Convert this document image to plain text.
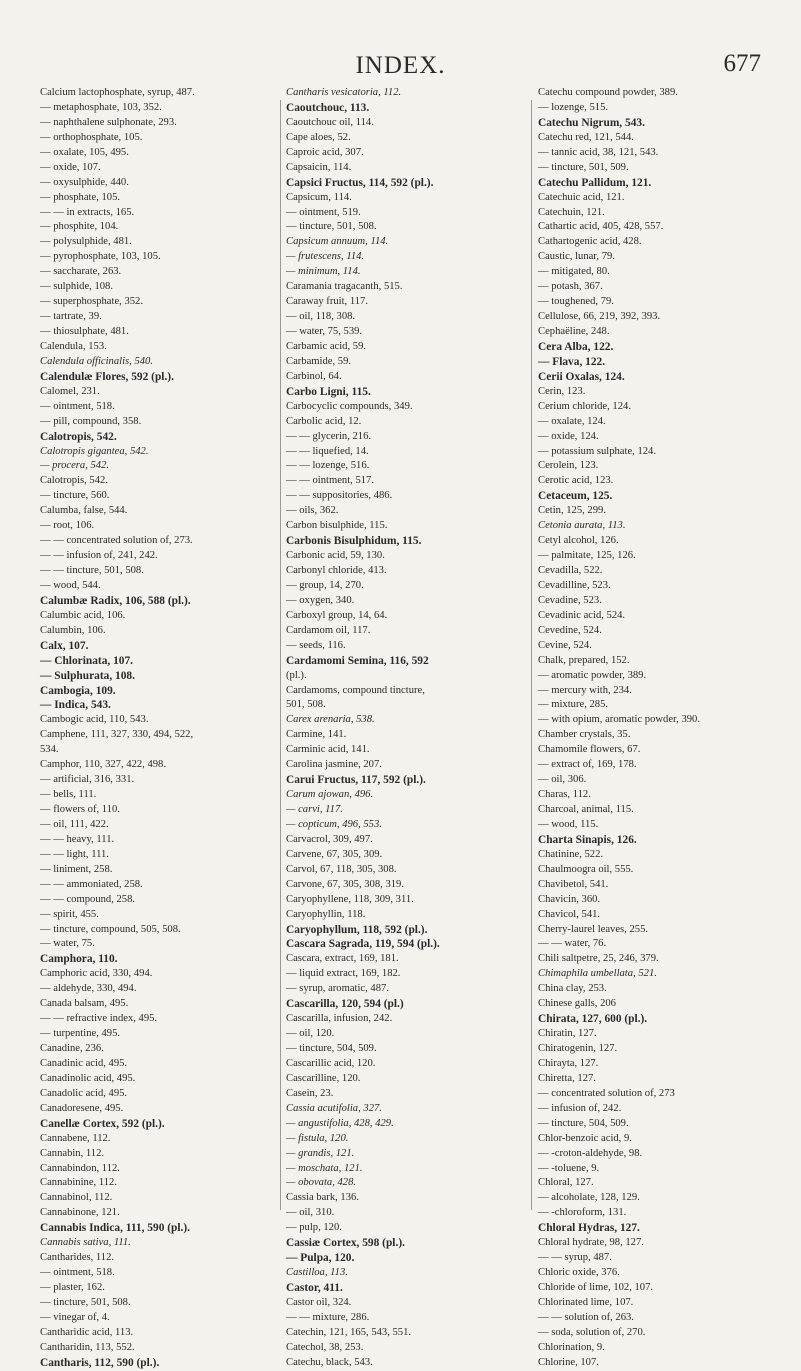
INDEX.	677
Calcium lactophosphate, syrup, 487.
— metaphosphate, 103, 352.
— naphthalene sulphonate, 293.
— orthophosphate, 105.
— oxalate, 105, 495.
— oxide, 107.
— oxysulphide, 440.
— phosphate, 105.
— — in extracts, 165.
— phosphite, 104.
— polysulphide, 481.
— pyrophosphate, 103, 105.
— saccharate, 263.
— sulphide, 108.
— superphosphate, 352.
— tartrate, 39.
— thiosulphate, 481.
Calendula, 153.
Calendula officinalis, 540.
Calendulæ Flores, 592 (pl.).
Calomel, 231.
— ointment, 518.
— pill, compound, 358.
Calotropis, 542.
Calotropis gigantea, 542.
— procera, 542.
Calotropis, 542.
— tincture, 560.
Calumba, false, 544.
— root, 106.
— — concentrated solution of, 273.
— — infusion of, 241, 242.
— — tincture, 501, 508.
— wood, 544.
Calumbæ Radix, 106, 588 (pl.).
Calumbic acid, 106.
Calumbin, 106.
Calx, 107.
— Chlorinata, 107.
— Sulphurata, 108.
Cambogia, 109.
— Indica, 543.
Cambogic acid, 110, 543.
Camphene, 111, 327, 330, 494, 522,
534.
Camphor, 110, 327, 422, 498.
— artificial, 316, 331.
— bells, 111.
— flowers of, 110.
— oil, 111, 422.
— — heavy, 111.
— — light, 111.
— liniment, 258.
— — ammoniated, 258.
— — compound, 258.
— spirit, 455.
— tincture, compound, 505, 508.
— water, 75.
Camphora, 110.
Camphoric acid, 330, 494.
— aldehyde, 330, 494.
Canada balsam, 495.
— — refractive index, 495.
— turpentine, 495.
Canadine, 236.
Canadinic acid, 495.
Canadinolic acid, 495.
Canadolic acid, 495.
Canadoresene, 495.
Canellæ Cortex, 592 (pl.).
Cannabene, 112.
Cannabin, 112.
Cannabindon, 112.
Cannabinine, 112.
Cannabinol, 112.
Cannabinone, 121.
Cannabis Indica, 111, 590 (pl.).
Cannabis sativa, 111.
Cantharides, 112.
— ointment, 518.
— plaster, 162.
— tincture, 501, 508.
— vinegar of, 4.
Cantharidic acid, 113.
Cantharidin, 113, 552.
Cantharis, 112, 590 (pl.).
Cantharis vesicatoria, 112.
Caoutchouc, 113.
Caoutchouc oil, 114.
Cape aloes, 52.
Caproic acid, 307.
Capsaicin, 114.
Capsici Fructus, 114, 592 (pl.).
Capsicum, 114.
— ointment, 519.
— tincture, 501, 508.
Capsicum annuum, 114.
— frutescens, 114.
— minimum, 114.
Caramania tragacanth, 515.
Caraway fruit, 117.
— oil, 118, 308.
— water, 75, 539.
Carbamic acid, 59.
Carbamide, 59.
Carbinol, 64.
Carbo Ligni, 115.
Carbocyclic compounds, 349.
Carbolic acid, 12.
— — glycerin, 216.
— — liquefied, 14.
— — lozenge, 516.
— — ointment, 517.
— — suppositories, 486.
— oils, 362.
Carbon bisulphide, 115.
Carbonis Bisulphidum, 115.
Carbonic acid, 59, 130.
Carbonyl chloride, 413.
— group, 14, 270.
— oxygen, 340.
Carboxyl group, 14, 64.
Cardamom oil, 117.
— seeds, 116.
Cardamomi Semina, 116, 592
(pl.).
Cardamoms, compound tincture,
501, 508.
Carex arenaria, 538.
Carmine, 141.
Carminic acid, 141.
Carolina jasmine, 207.
Carui Fructus, 117, 592 (pl.).
Carum ajowan, 496.
— carvi, 117.
— copticum, 496, 553.
Carvacrol, 309, 497.
Carvene, 67, 305, 309.
Carvol, 67, 118, 305, 308.
Carvone, 67, 305, 308, 319.
Caryophyllene, 118, 309, 311.
Caryophyllin, 118.
Caryophyllum, 118, 592 (pl.).
Cascara Sagrada, 119, 594 (pl.).
Cascara, extract, 169, 181.
— liquid extract, 169, 182.
— syrup, aromatic, 487.
Cascarilla, 120, 594 (pl.)
Cascarilla, infusion, 242.
— oil, 120.
— tincture, 504, 509.
Cascarillic acid, 120.
Cascarilline, 120.
Casein, 23.
Cassia acutifolia, 327.
— angustifolia, 428, 429.
— fistula, 120.
— grandis, 121.
— moschata, 121.
— obovata, 428.
Cassia bark, 136.
— oil, 310.
— pulp, 120.
Cassiæ Cortex, 598 (pl.).
— Pulpa, 120.
Castilloa, 113.
Castor, 411.
Castor oil, 324.
— — mixture, 286.
Catechin, 121, 165, 543, 551.
Catechol, 38, 253.
Catechu, black, 543.
Catechu compound powder, 389.
— lozenge, 515.
Catechu Nigrum, 543.
Catechu red, 121, 544.
— tannic acid, 38, 121, 543.
— tincture, 501, 509.
Catechu Pallidum, 121.
Catechuic acid, 121.
Catechuin, 121.
Cathartic acid, 405, 428, 557.
Cathartogenic acid, 428.
Caustic, lunar, 79.
— mitigated, 80.
— potash, 367.
— toughened, 79.
Cellulose, 66, 219, 392, 393.
Cephaëline, 248.
Cera Alba, 122.
— Flava, 122.
Cerii Oxalas, 124.
Cerin, 123.
Cerium chloride, 124.
— oxalate, 124.
— oxide, 124.
— potassium sulphate, 124.
Cerolein, 123.
Cerotic acid, 123.
Cetaceum, 125.
Cetin, 125, 299.
Cetonia aurata, 113.
Cetyl alcohol, 126.
— palmitate, 125, 126.
Cevadilla, 522.
Cevadilline, 523.
Cevadine, 523.
Cevadinic acid, 524.
Cevedine, 524.
Cevine, 524.
Chalk, prepared, 152.
— aromatic powder, 389.
— mercury with, 234.
— mixture, 285.
— with opium, aromatic powder, 390.
Chamber crystals, 35.
Chamomile flowers, 67.
— extract of, 169, 178.
— oil, 306.
Charas, 112.
Charcoal, animal, 115.
— wood, 115.
Charta Sinapis, 126.
Chatinine, 522.
Chaulmoogra oil, 555.
Chavibetol, 541.
Chavicin, 360.
Chavicol, 541.
Cherry-laurel leaves, 255.
— — water, 76.
Chili saltpetre, 25, 246, 379.
Chimaphila umbellata, 521.
China clay, 253.
Chinese galls, 206
Chirata, 127, 600 (pl.).
Chiratin, 127.
Chiratogenin, 127.
Chirayta, 127.
Chiretta, 127.
— concentrated solution of, 273
— infusion of, 242.
— tincture, 504, 509.
Chlor-benzoic acid, 9.
— -croton-aldehyde, 98.
— -toluene, 9.
Chloral, 127.
— alcoholate, 128, 129.
— -chloroform, 131.
Chloral Hydras, 127.
Chloral hydrate, 98, 127.
— — syrup, 487.
Chloric oxide, 376.
Chloride of lime, 102, 107.
Chlorinated lime, 107.
— — solution of, 263.
— soda, solution of, 270.
Chlorination, 9.
Chlorine, 107.
